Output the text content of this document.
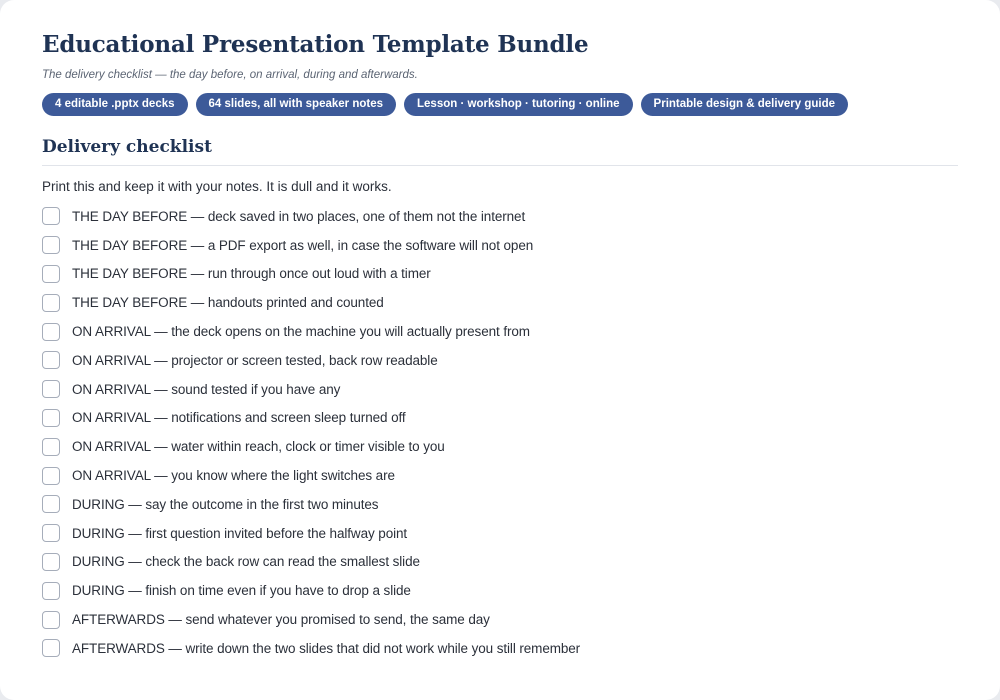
Educational Presentation Template Bundle
The delivery checklist — the day before, on arrival, during and afterwards.
4 editable .pptx decks	64 slides, all with speaker notes	Lesson · workshop · tutoring · online	Printable design & delivery guide
Delivery checklist
Print this and keep it with your notes. It is dull and it works.
THE DAY BEFORE — deck saved in two places, one of them not the internet
THE DAY BEFORE — a PDF export as well, in case the software will not open
THE DAY BEFORE — run through once out loud with a timer
THE DAY BEFORE — handouts printed and counted
ON ARRIVAL — the deck opens on the machine you will actually present from
ON ARRIVAL — projector or screen tested, back row readable
ON ARRIVAL — sound tested if you have any
ON ARRIVAL — notifications and screen sleep turned off
ON ARRIVAL — water within reach, clock or timer visible to you
ON ARRIVAL — you know where the light switches are
DURING — say the outcome in the first two minutes
DURING — first question invited before the halfway point
DURING — check the back row can read the smallest slide
DURING — finish on time even if you have to drop a slide
AFTERWARDS — send whatever you promised to send, the same day
AFTERWARDS — write down the two slides that did not work while you still remember
